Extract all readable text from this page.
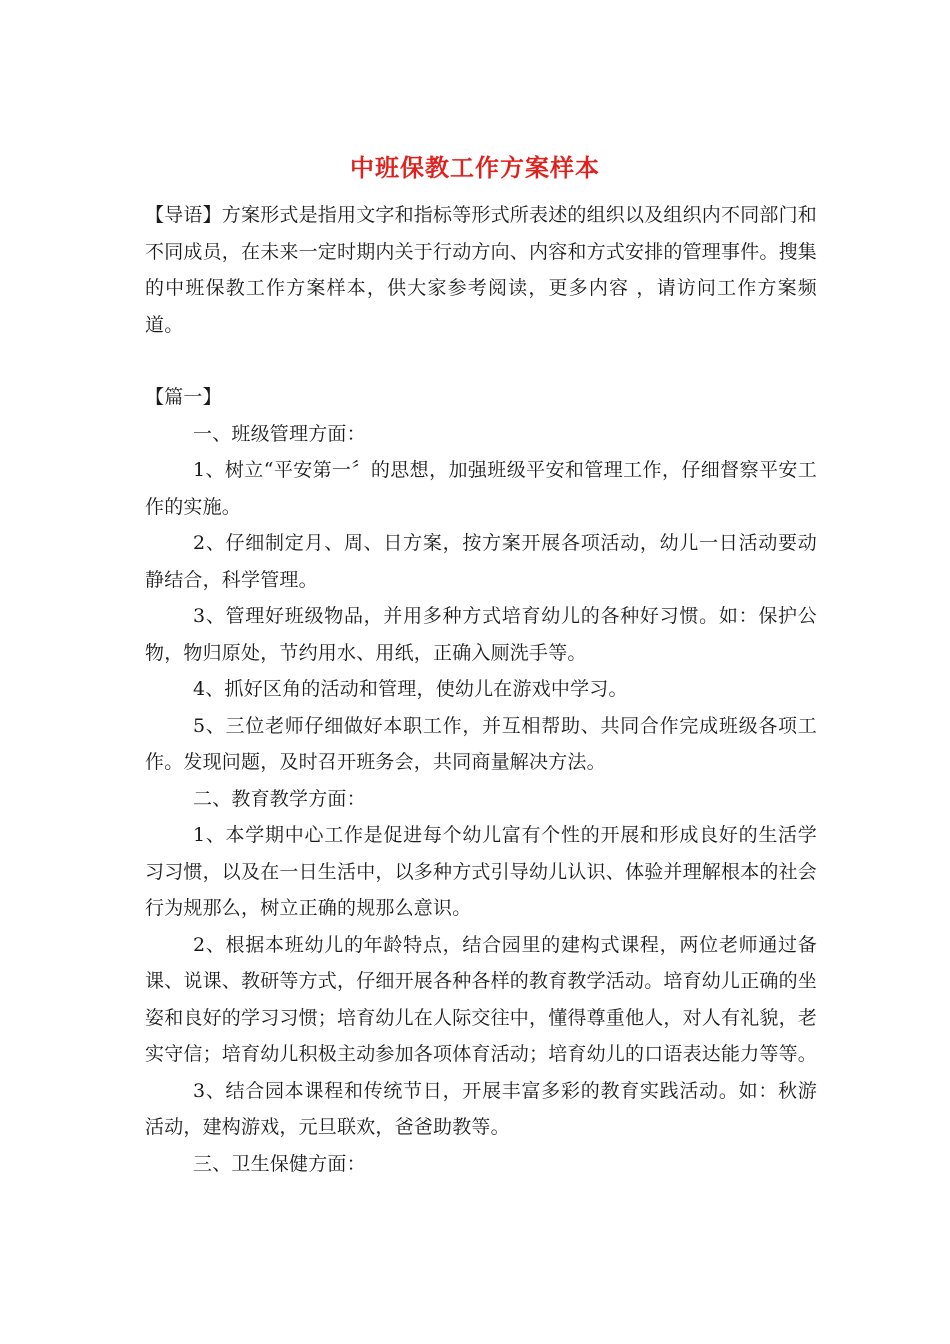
中班保教工作方案样本

【导语】方案形式是指用文字和指标等形式所表述的组织以及组织内不同部门和不同成员，在未来一定时期内关于行动方向、内容和方式安排的管理事件。搜集的中班保教工作方案样本，供大家参考阅读，更多内容 ，请访问工作方案频道。

【篇一】

一、班级管理方面：

1、树立“平安第一〞的思想，加强班级平安和管理工作，仔细督察平安工作的实施。

2、仔细制定月、周、日方案，按方案开展各项活动，幼儿一日活动要动静结合，科学管理。

3、管理好班级物品，并用多种方式培育幼儿的各种好习惯。如：保护公物，物归原处，节约用水、用纸，正确入厕洗手等。

4、抓好区角的活动和管理，使幼儿在游戏中学习。

5、三位老师仔细做好本职工作，并互相帮助、共同合作完成班级各项工作。发现问题，及时召开班务会，共同商量解决方法。

二、教育教学方面：

1、本学期中心工作是促进每个幼儿富有个性的开展和形成良好的生活学习习惯，以及在一日生活中，以多种方式引导幼儿认识、体验并理解根本的社会行为规那么，树立正确的规那么意识。

2、根据本班幼儿的年龄特点，结合园里的建构式课程，两位老师通过备课、说课、教研等方式，仔细开展各种各样的教育教学活动。培育幼儿正确的坐姿和良好的学习习惯；培育幼儿在人际交往中，懂得尊重他人，对人有礼貌，老实守信；培育幼儿积极主动参加各项体育活动；培育幼儿的口语表达能力等等。

3、结合园本课程和传统节日，开展丰富多彩的教育实践活动。如：秋游活动，建构游戏，元旦联欢，爸爸助教等。

三、卫生保健方面：
